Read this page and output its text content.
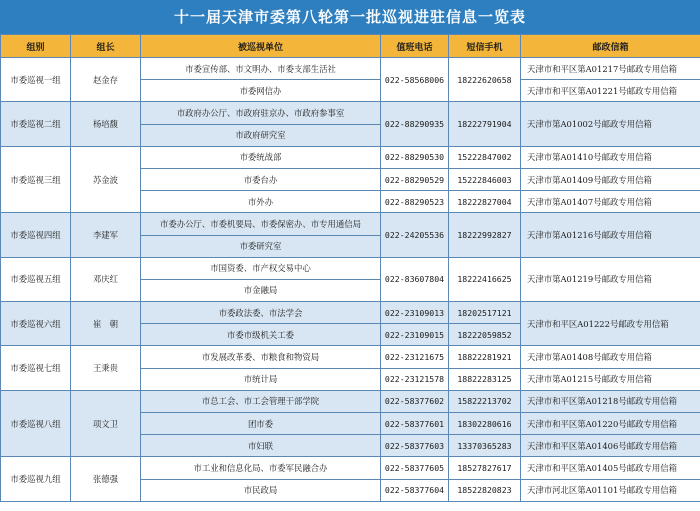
十一届天津市委第八轮第一批巡视进驻信息一览表
组别	组长	被巡视单位	值班电话	短信手机	邮政信箱
市委巡视一组	赵金存	市委宣传部、市文明办、市委支部生活社	022-58568006	18222620658	天津市和平区第A01217号邮政专用信箱
		市委网信办			天津市和平区第A01221号邮政专用信箱
市委巡视二组	杨培馥	市政府办公厅、市政府驻京办、市政府参事室	022-88290935	18222791904	天津市第A01002号邮政专用信箱
		市政府研究室			
市委巡视三组	苏金波	市委统战部	022-88290530	15222847002	天津市第A01410号邮政专用信箱
		市委台办	022-88290529	15222846003	天津市第A01409号邮政专用信箱
		市外办	022-88290523	18222827004	天津市第A01407号邮政专用信箱
市委巡视四组	李建军	市委办公厅、市委机要局、市委保密办、市专用通信局	022-24205536	18222992827	天津市第A01216号邮政专用信箱
		市委研究室			
市委巡视五组	邓庆红	市国资委、市产权交易中心	022-83607804	18222416625	天津市第A01219号邮政专用信箱
		市金融局			
市委巡视六组	崔　朝	市委政法委、市法学会	022-23109013	18202517121	天津市和平区A01222号邮政专用信箱
		市委市级机关工委	022-23109015	18222059852	
市委巡视七组	王秉贵	市发展改革委、市粮食和物资局	022-23121675	18822281921	天津市第A01408号邮政专用信箱
		市统计局	022-23121578	18822283125	天津市第A01215号邮政专用信箱
市委巡视八组	项文卫	市总工会、市工会管理干部学院	022-58377602	15822213702	天津市和平区第A01218号邮政专用信箱
		团市委	022-58377601	18302280616	天津市和平区第A01220号邮政专用信箱
		市妇联	022-58377603	13370365283	天津市和平区第A01406号邮政专用信箱
市委巡视九组	张德强	市工业和信息化局、市委军民融合办	022-58377605	18527827617	天津市和平区第A01405号邮政专用信箱
		市民政局	022-58377604	18522820823	天津市河北区第A01101号邮政专用信箱
